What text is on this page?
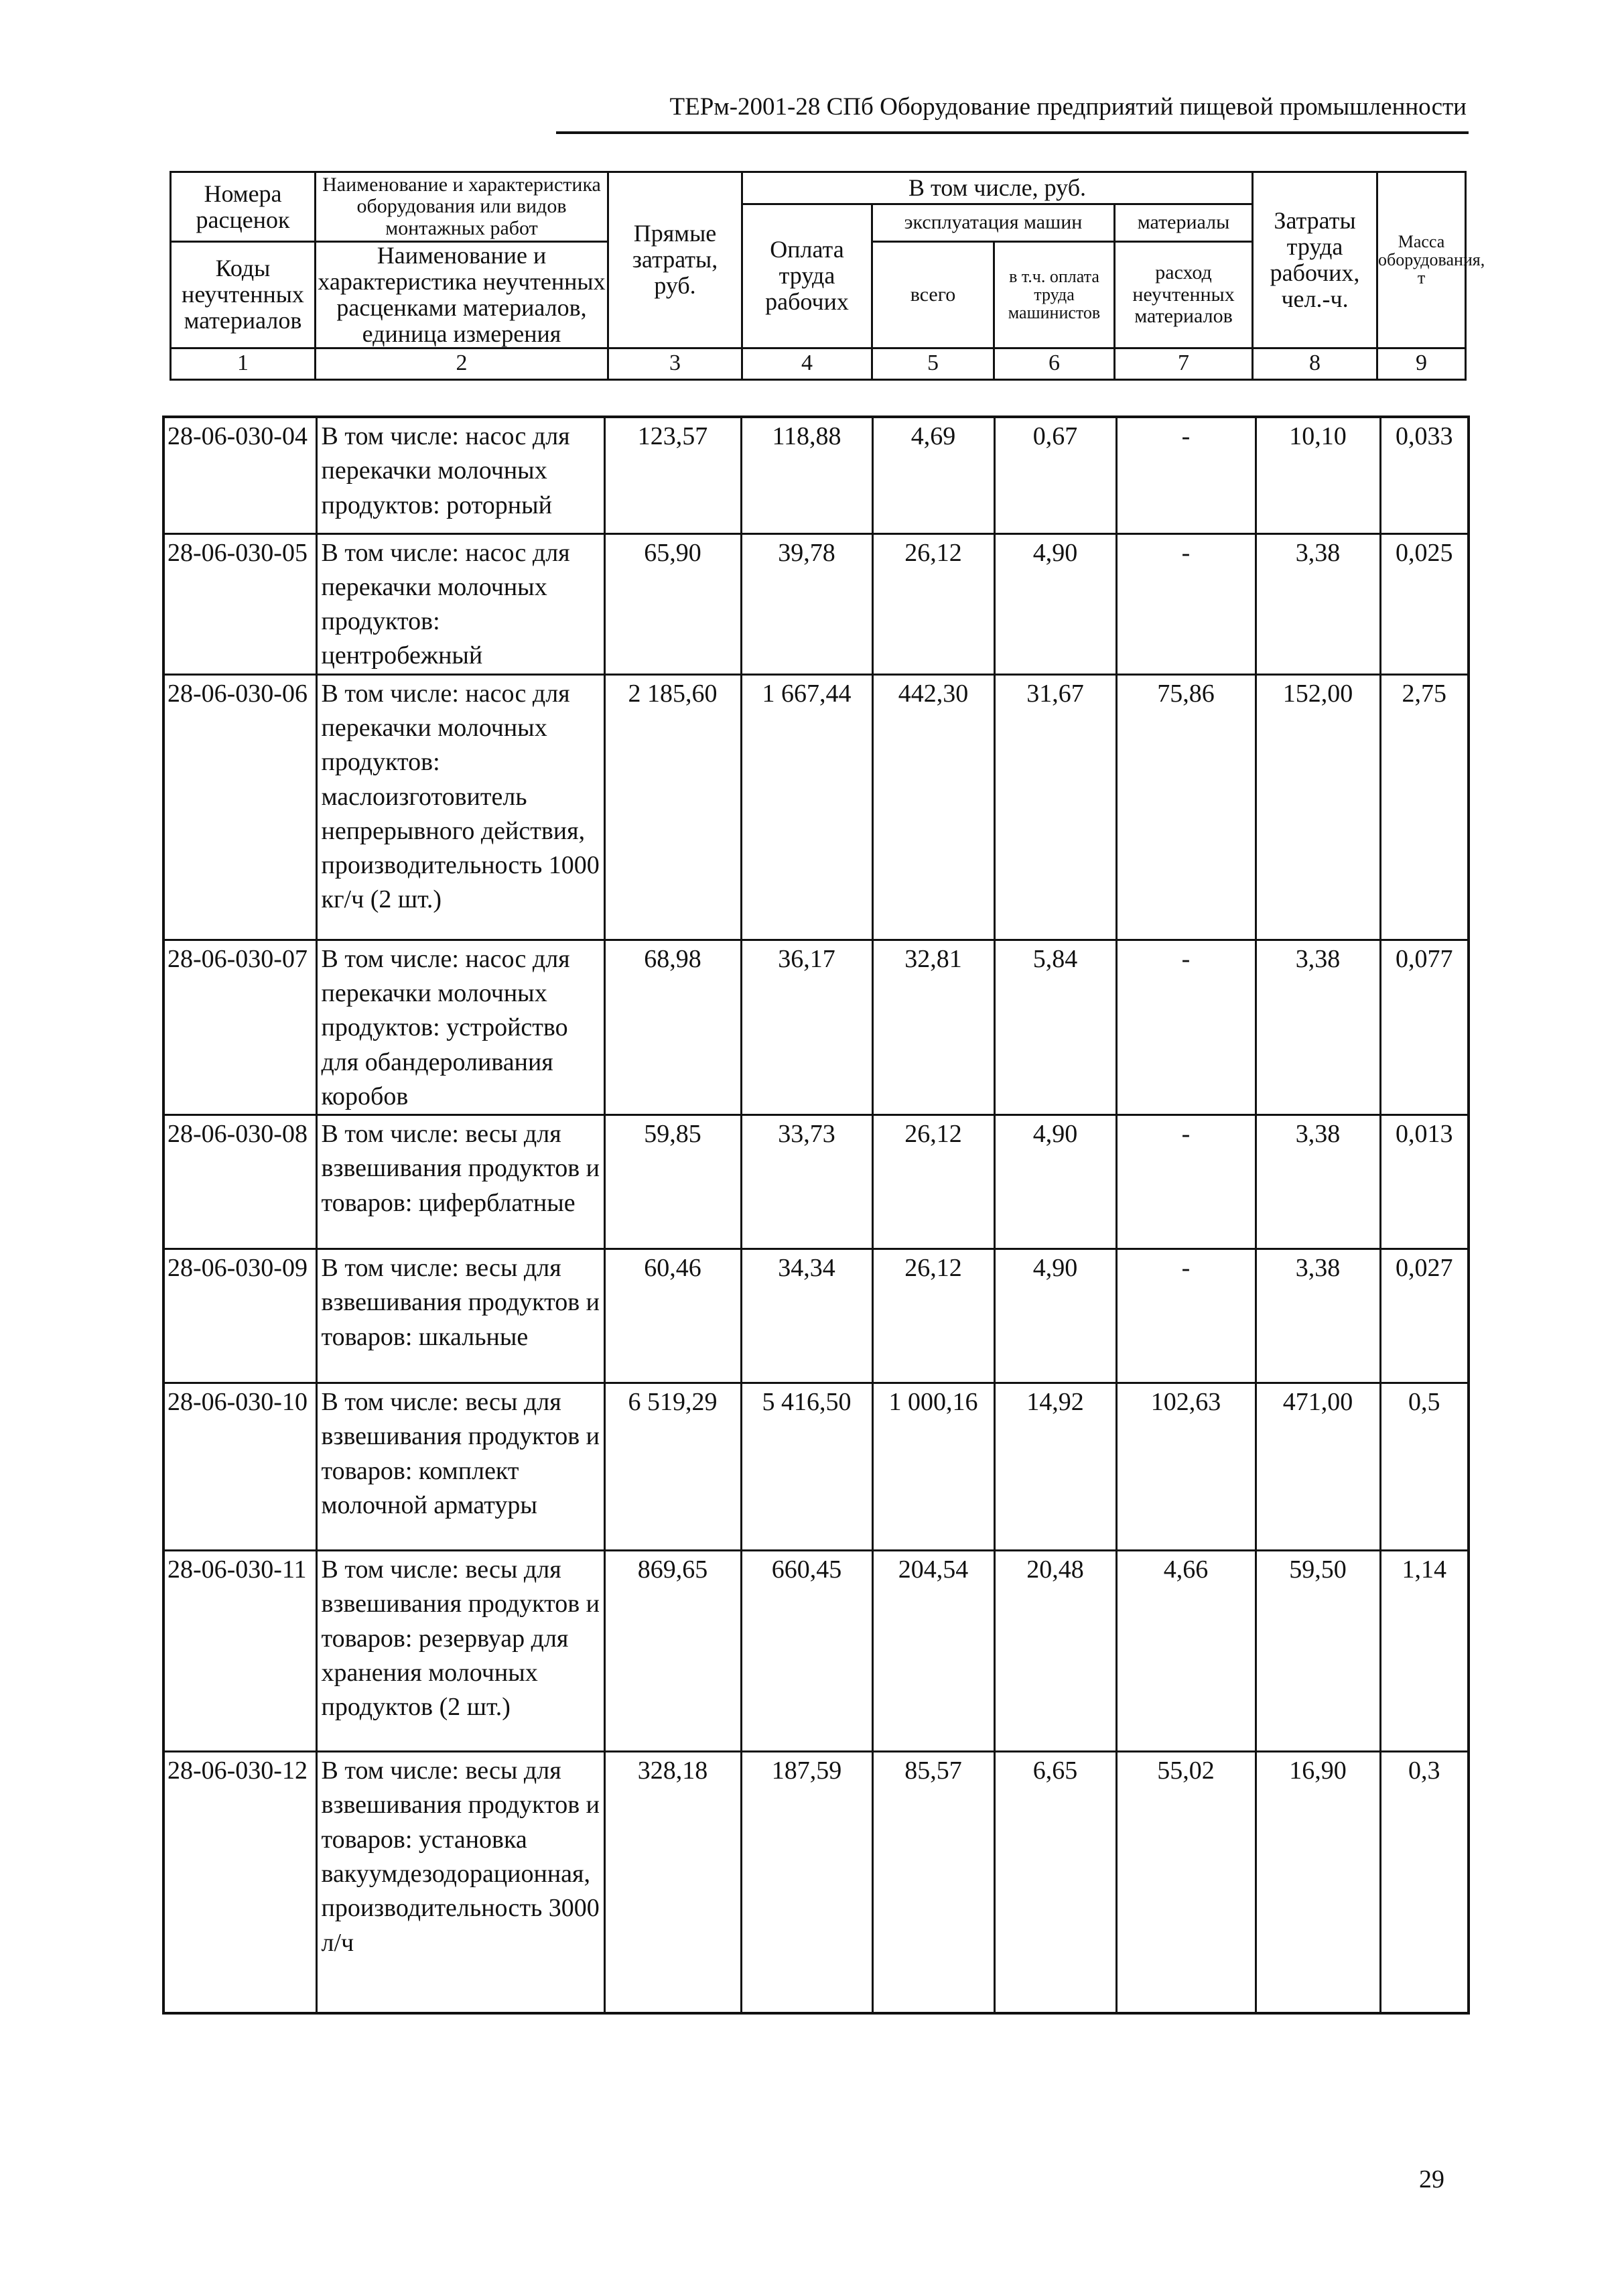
ТЕРм-2001-28 СПб Оборудование предприятий пищевой промышленности
Номера расценок	Наименование и характеристика оборудования или видов монтажных работ	Прямые затраты, руб.	В том числе, руб.				Затраты труда рабочих, чел.-ч.	Масса оборудования, т
			Оплата труда рабочих	эксплуатация машин		материалы		
Коды неучтенных материалов	Наименование и характеристика неучтенных расценками материалов, единица измерения			всего	в т.ч. оплата труда машинистов	расход неучтенных материалов		

1	2	3	4	5	6	7	8	9
28-06-030-04	В том числе: насос для перекачки молочных продуктов: роторный	123,57	118,88	4,69	0,67	-	10,10	0,033
28-06-030-05	В том числе: насос для перекачки молочных продуктов: центробежный	65,90	39,78	26,12	4,90	-	3,38	0,025
28-06-030-06	В том числе: насос для перекачки молочных продуктов: маслоизготовитель непрерывного действия, производительность 1000 кг/ч (2 шт.)	2 185,60	1 667,44	442,30	31,67	75,86	152,00	2,75
28-06-030-07	В том числе: насос для перекачки молочных продуктов: устройство для обандероливания коробов	68,98	36,17	32,81	5,84	-	3,38	0,077
28-06-030-08	В том числе: весы для взвешивания продуктов и товаров: циферблатные	59,85	33,73	26,12	4,90	-	3,38	0,013
28-06-030-09	В том числе: весы для взвешивания продуктов и товаров: шкальные	60,46	34,34	26,12	4,90	-	3,38	0,027
28-06-030-10	В том числе: весы для взвешивания продуктов и товаров: комплект молочной арматуры	6 519,29	5 416,50	1 000,16	14,92	102,63	471,00	0,5
28-06-030-11	В том числе: весы для взвешивания продуктов и товаров: резервуар для хранения молочных продуктов (2 шт.)	869,65	660,45	204,54	20,48	4,66	59,50	1,14
28-06-030-12	В том числе: весы для взвешивания продуктов и товаров: установка вакуумдезодорационная, производительность 3000 л/ч	328,18	187,59	85,57	6,65	55,02	16,90	0,3
29
